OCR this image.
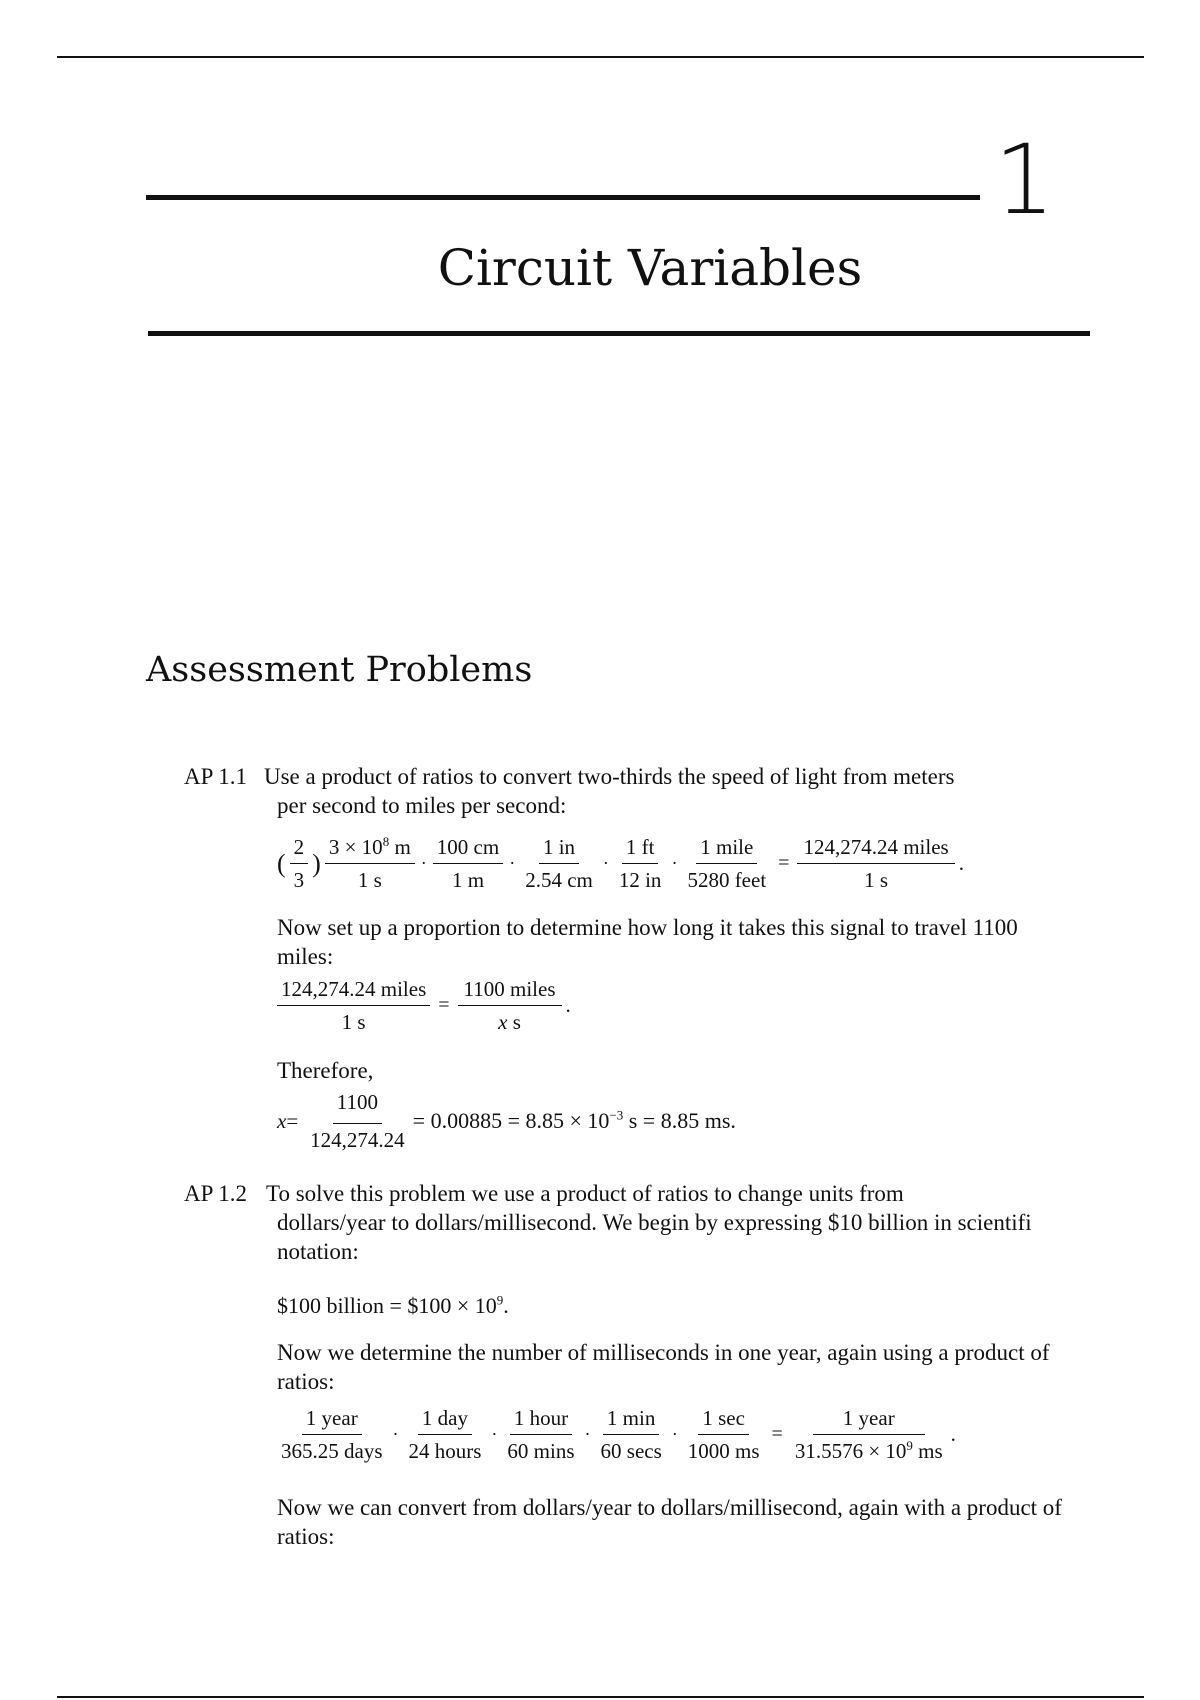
1
Circuit Variables
Assessment Problems
AP 1.1 Use a product of ratios to convert two-thirds the speed of light from meters
per second to miles per second:
( $\frac{2}{3}$ ) $\frac{3 \times 10^8 m}{1 s} \cdot \frac{100 cm}{1 m} \cdot \frac{1 in}{2.54 cm} \cdot \frac{1 ft}{12 in} \cdot \frac{\text{1 mile}}{\text{5280 feet}} = \frac{\text{124,274.24 miles}}{1 s}$ .
Now set up a proportion to determine how long it takes this signal to travel 1100 miles:
$\frac{\text{124,274.24 miles}}{1 s} = \frac{\text{1100 miles}}{\text{x s}}$ .
Therefore,
$x = \frac{1100}{124,274.24} = 0.00885 = 8.85 \times 10^{-3}$ s = 8.85 ms.
AP 1.2 To solve this problem we use a product of ratios to change units from
dollars/year to dollars/millisecond. We begin by expressing $10 billion in scientifi notation:
$100 billion = $100 × $10^9$.
Now we determine the number of milliseconds in one year, again using a product of ratios:
$\frac{\text{1 year}}{\text{365.25 days}} \cdot \frac{\text{1 day}}{\text{24 hours}} \cdot \frac{\text{1 hour}}{60 \min s} \cdot \frac{1 \min}{60 \sec s} \cdot \frac{1 \sec}{1000 ms} = \frac{\text{1 year}}{31.5576 \times 10^9 ms}$ .
Now we can convert from dollars/year to dollars/millisecond, again with a product of ratios:
